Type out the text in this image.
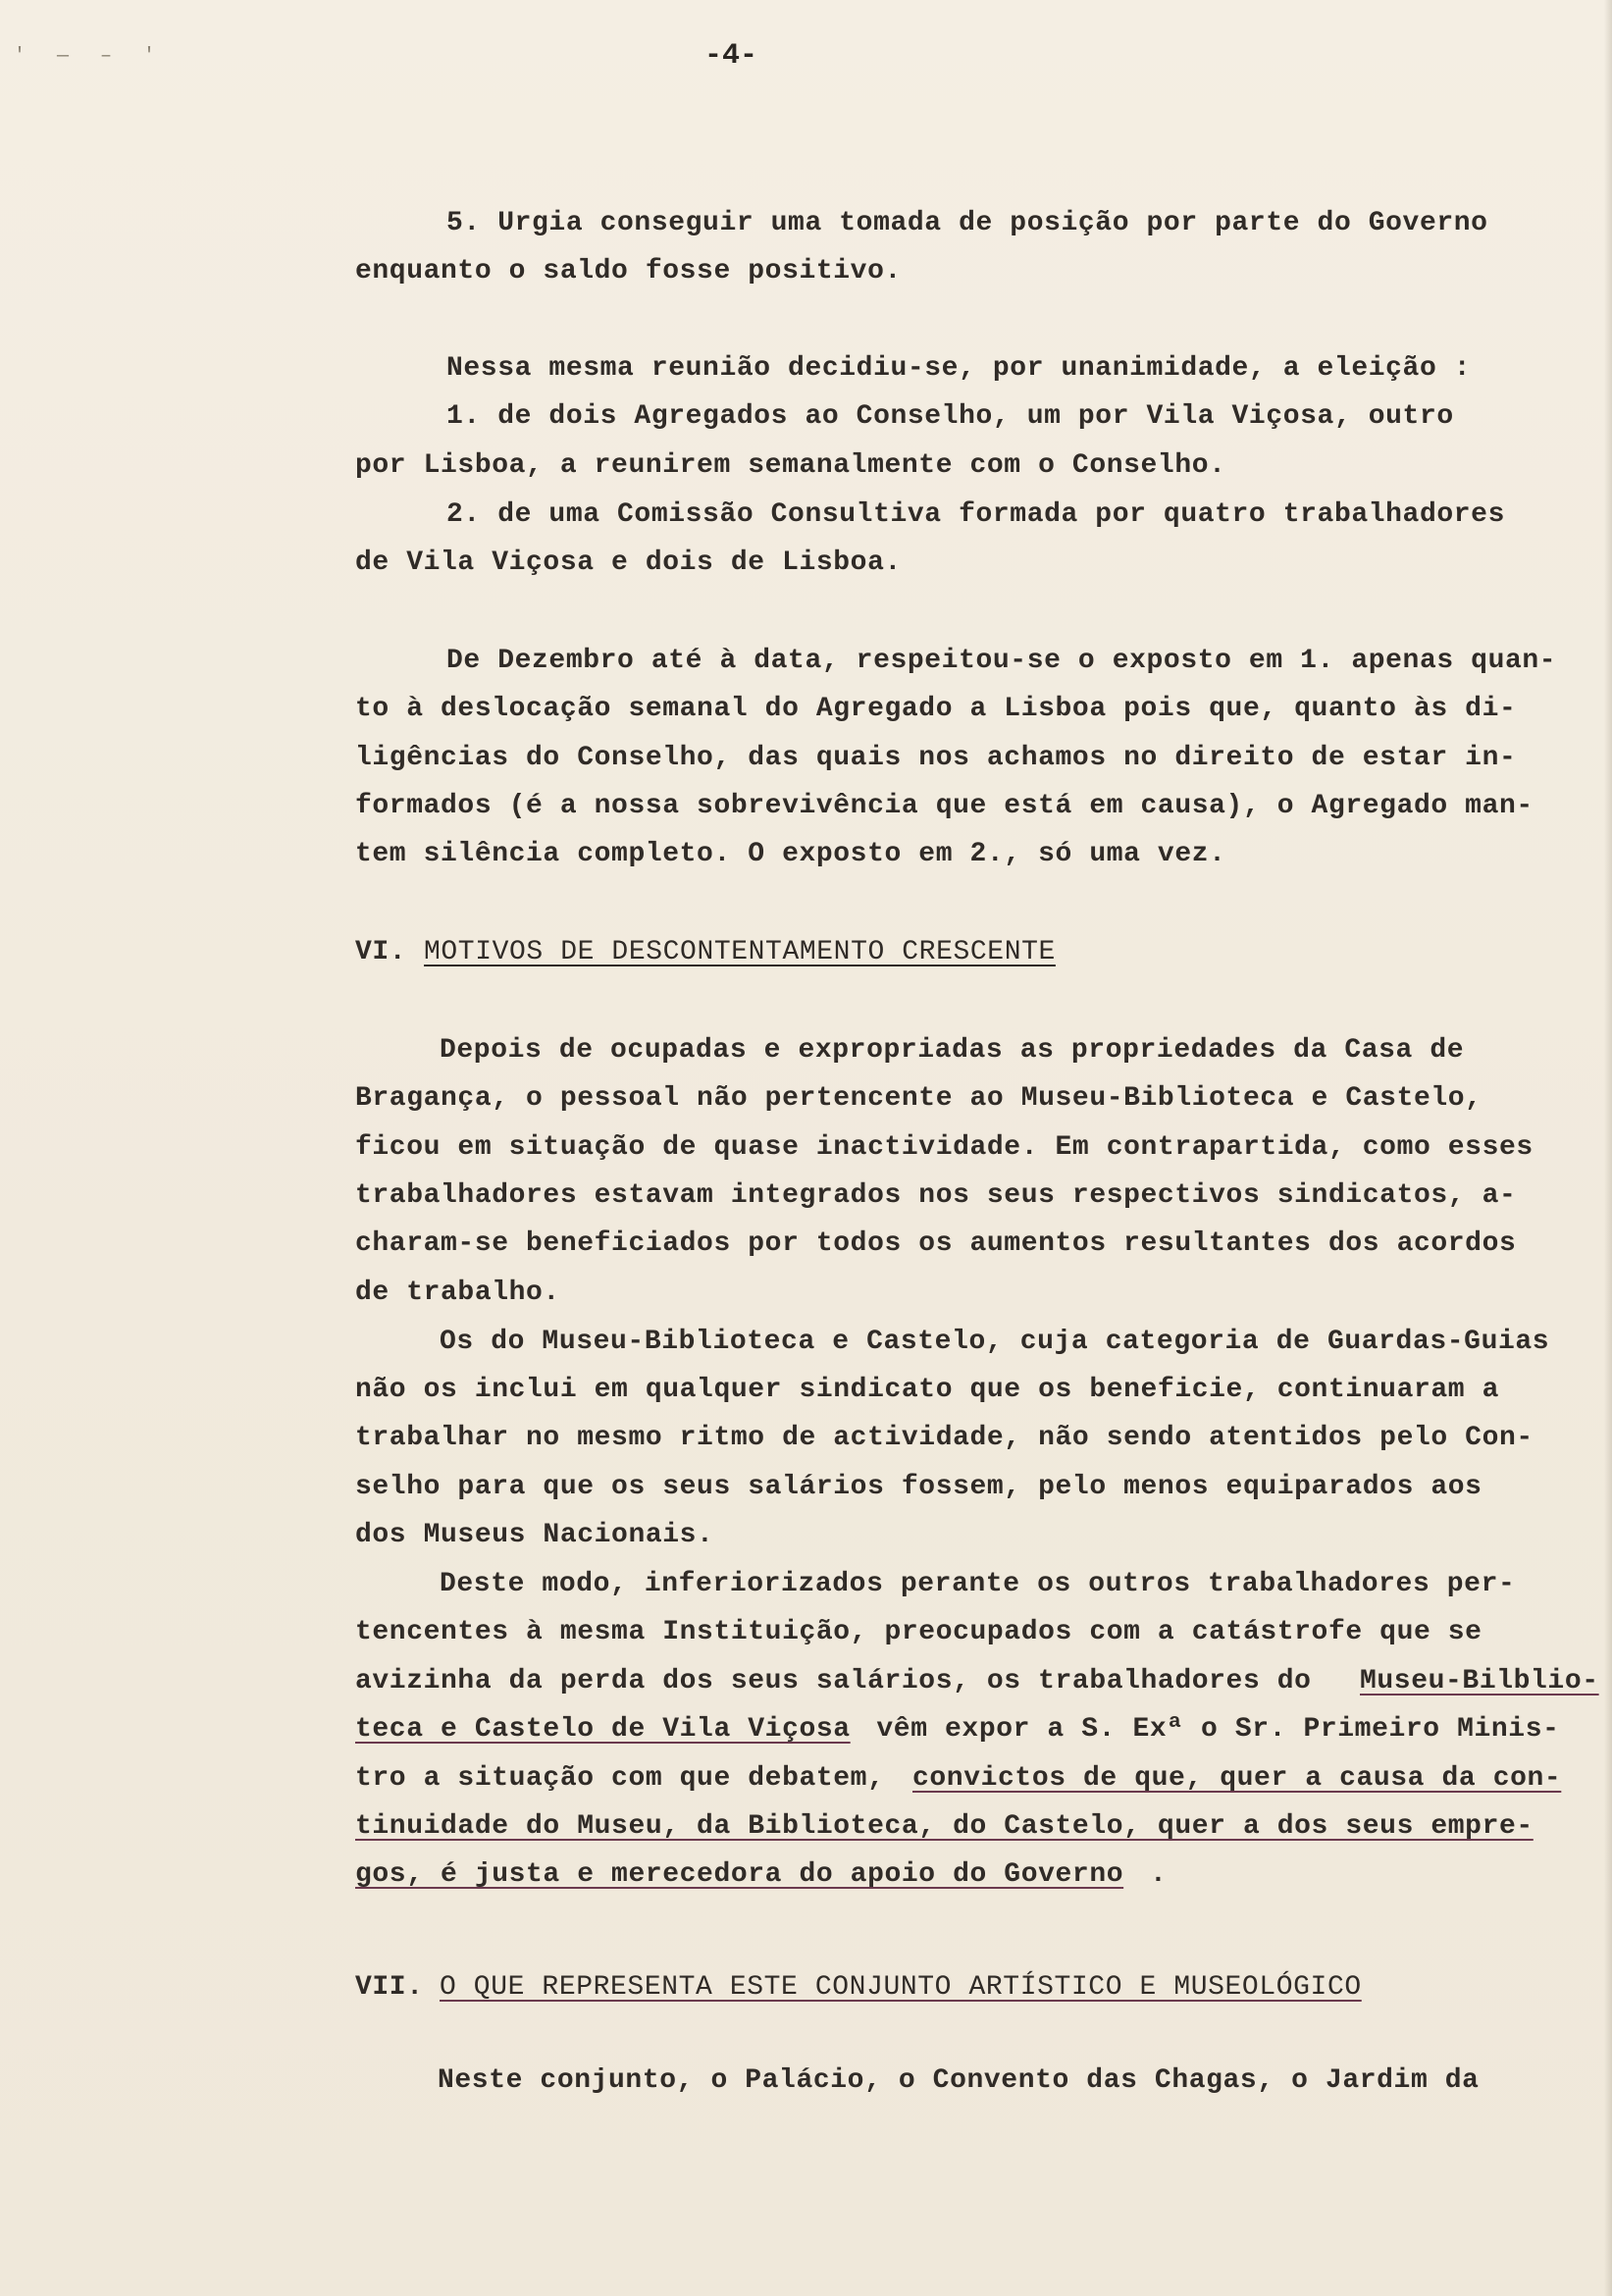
' — – '	-4-
5. Urgia conseguir uma tomada de posição por parte do Governo
enquanto o saldo fosse positivo.
Nessa mesma reunião decidiu-se, por unanimidade, a eleição :
1. de dois Agregados ao Conselho, um por Vila Viçosa, outro
por Lisboa, a reunirem semanalmente com o Conselho.
2. de uma Comissão Consultiva formada por quatro trabalhadores
de Vila Viçosa e dois de Lisboa.
De Dezembro até à data, respeitou-se o exposto em 1. apenas quan-
to à deslocação semanal do Agregado a Lisboa pois que, quanto às di-
ligências do Conselho, das quais nos achamos no direito de estar in-
formados (é a nossa sobrevivência que está em causa), o Agregado man-
tem silência completo. O exposto em 2., só uma vez.
VI. MOTIVOS DE DESCONTENTAMENTO CRESCENTE
Depois de ocupadas e expropriadas as propriedades da Casa de
Bragança, o pessoal não pertencente ao Museu-Biblioteca e Castelo,
ficou em situação de quase inactividade. Em contrapartida, como esses
trabalhadores estavam integrados nos seus respectivos sindicatos, a-
charam-se beneficiados por todos os aumentos resultantes dos acordos
de trabalho.
Os do Museu-Biblioteca e Castelo, cuja categoria de Guardas-Guias
não os inclui em qualquer sindicato que os beneficie, continuaram a
trabalhar no mesmo ritmo de actividade, não sendo atentidos pelo Con-
selho para que os seus salários fossem, pelo menos equiparados aos
dos Museus Nacionais.
Deste modo, inferiorizados perante os outros trabalhadores per-
tencentes à mesma Instituição, preocupados com a catástrofe que se
avizinha da perda dos seus salários, os trabalhadores do Museu-Bilblio-
teca e Castelo de Vila Viçosa vêm expor a S. Exª o Sr. Primeiro Minis-
tro a situação com que debatem, convictos de que, quer a causa da con-
tinuidade do Museu, da Biblioteca, do Castelo, quer a dos seus empre-
gos, é justa e merecedora do apoio do Governo .
VII. O QUE REPRESENTA ESTE CONJUNTO ARTÍSTICO E MUSEOLÓGICO
Neste conjunto, o Palácio, o Convento das Chagas, o Jardim da
